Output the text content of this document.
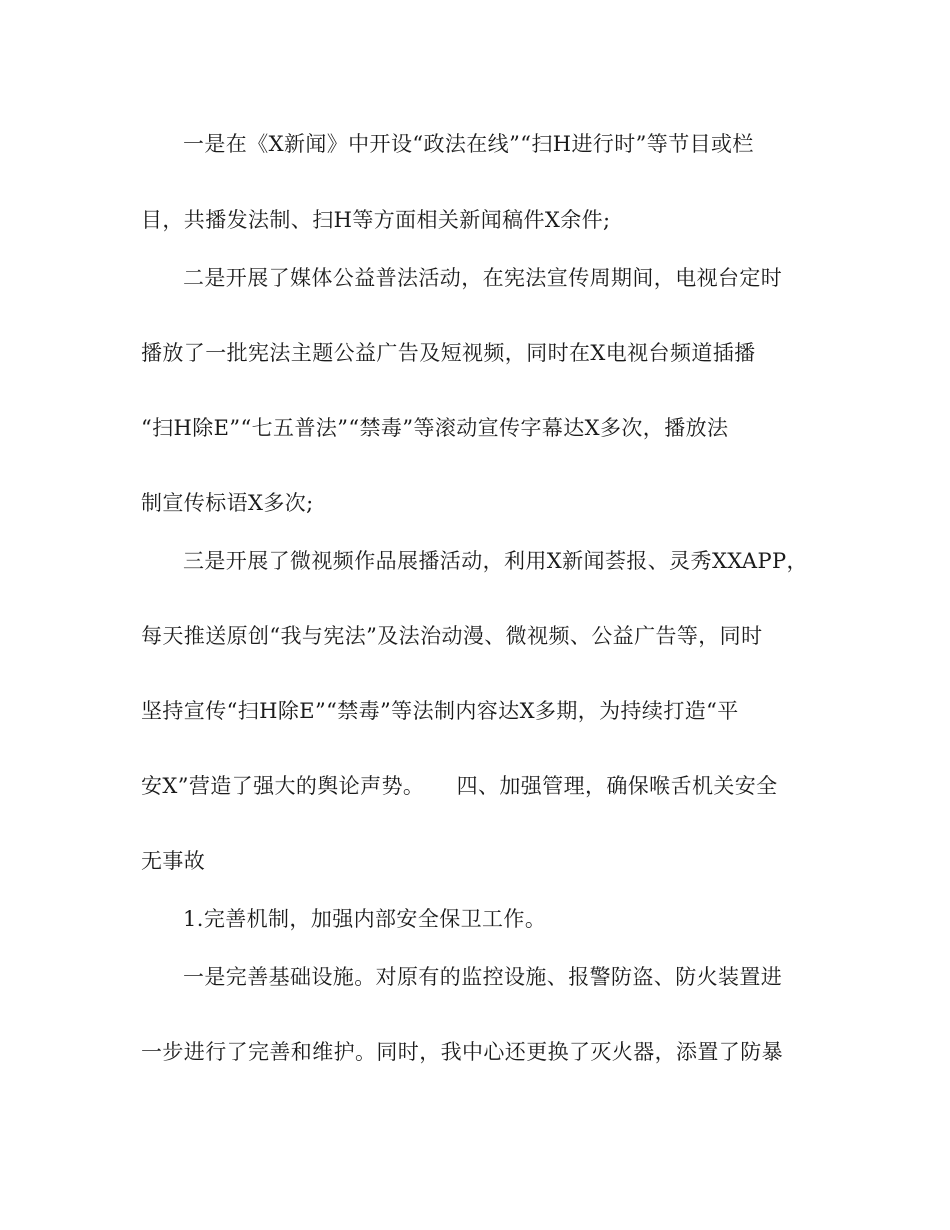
一是在《X新闻》中开设“政法在线”“扫H进行时”等节目或栏
目，共播发法制、扫H等方面相关新闻稿件X余件;
二是开展了媒体公益普法活动，在宪法宣传周期间，电视台定时
播放了一批宪法主题公益广告及短视频，同时在X电视台频道插播
“扫H除E”“七五普法”“禁毒”等滚动宣传字幕达X多次，播放法
制宣传标语X多次;
三是开展了微视频作品展播活动，利用X新闻荟报、灵秀XXAPP，
每天推送原创“我与宪法”及法治动漫、微视频、公益广告等，同时
坚持宣传“扫H除E”“禁毒”等法制内容达X多期，为持续打造“平
安X”营造了强大的舆论声势。　　四、加强管理，确保喉舌机关安全
无事故
1.完善机制，加强内部安全保卫工作。
一是完善基础设施。对原有的监控设施、报警防盗、防火装置进
一步进行了完善和维护。同时，我中心还更换了灭火器，添置了防暴
